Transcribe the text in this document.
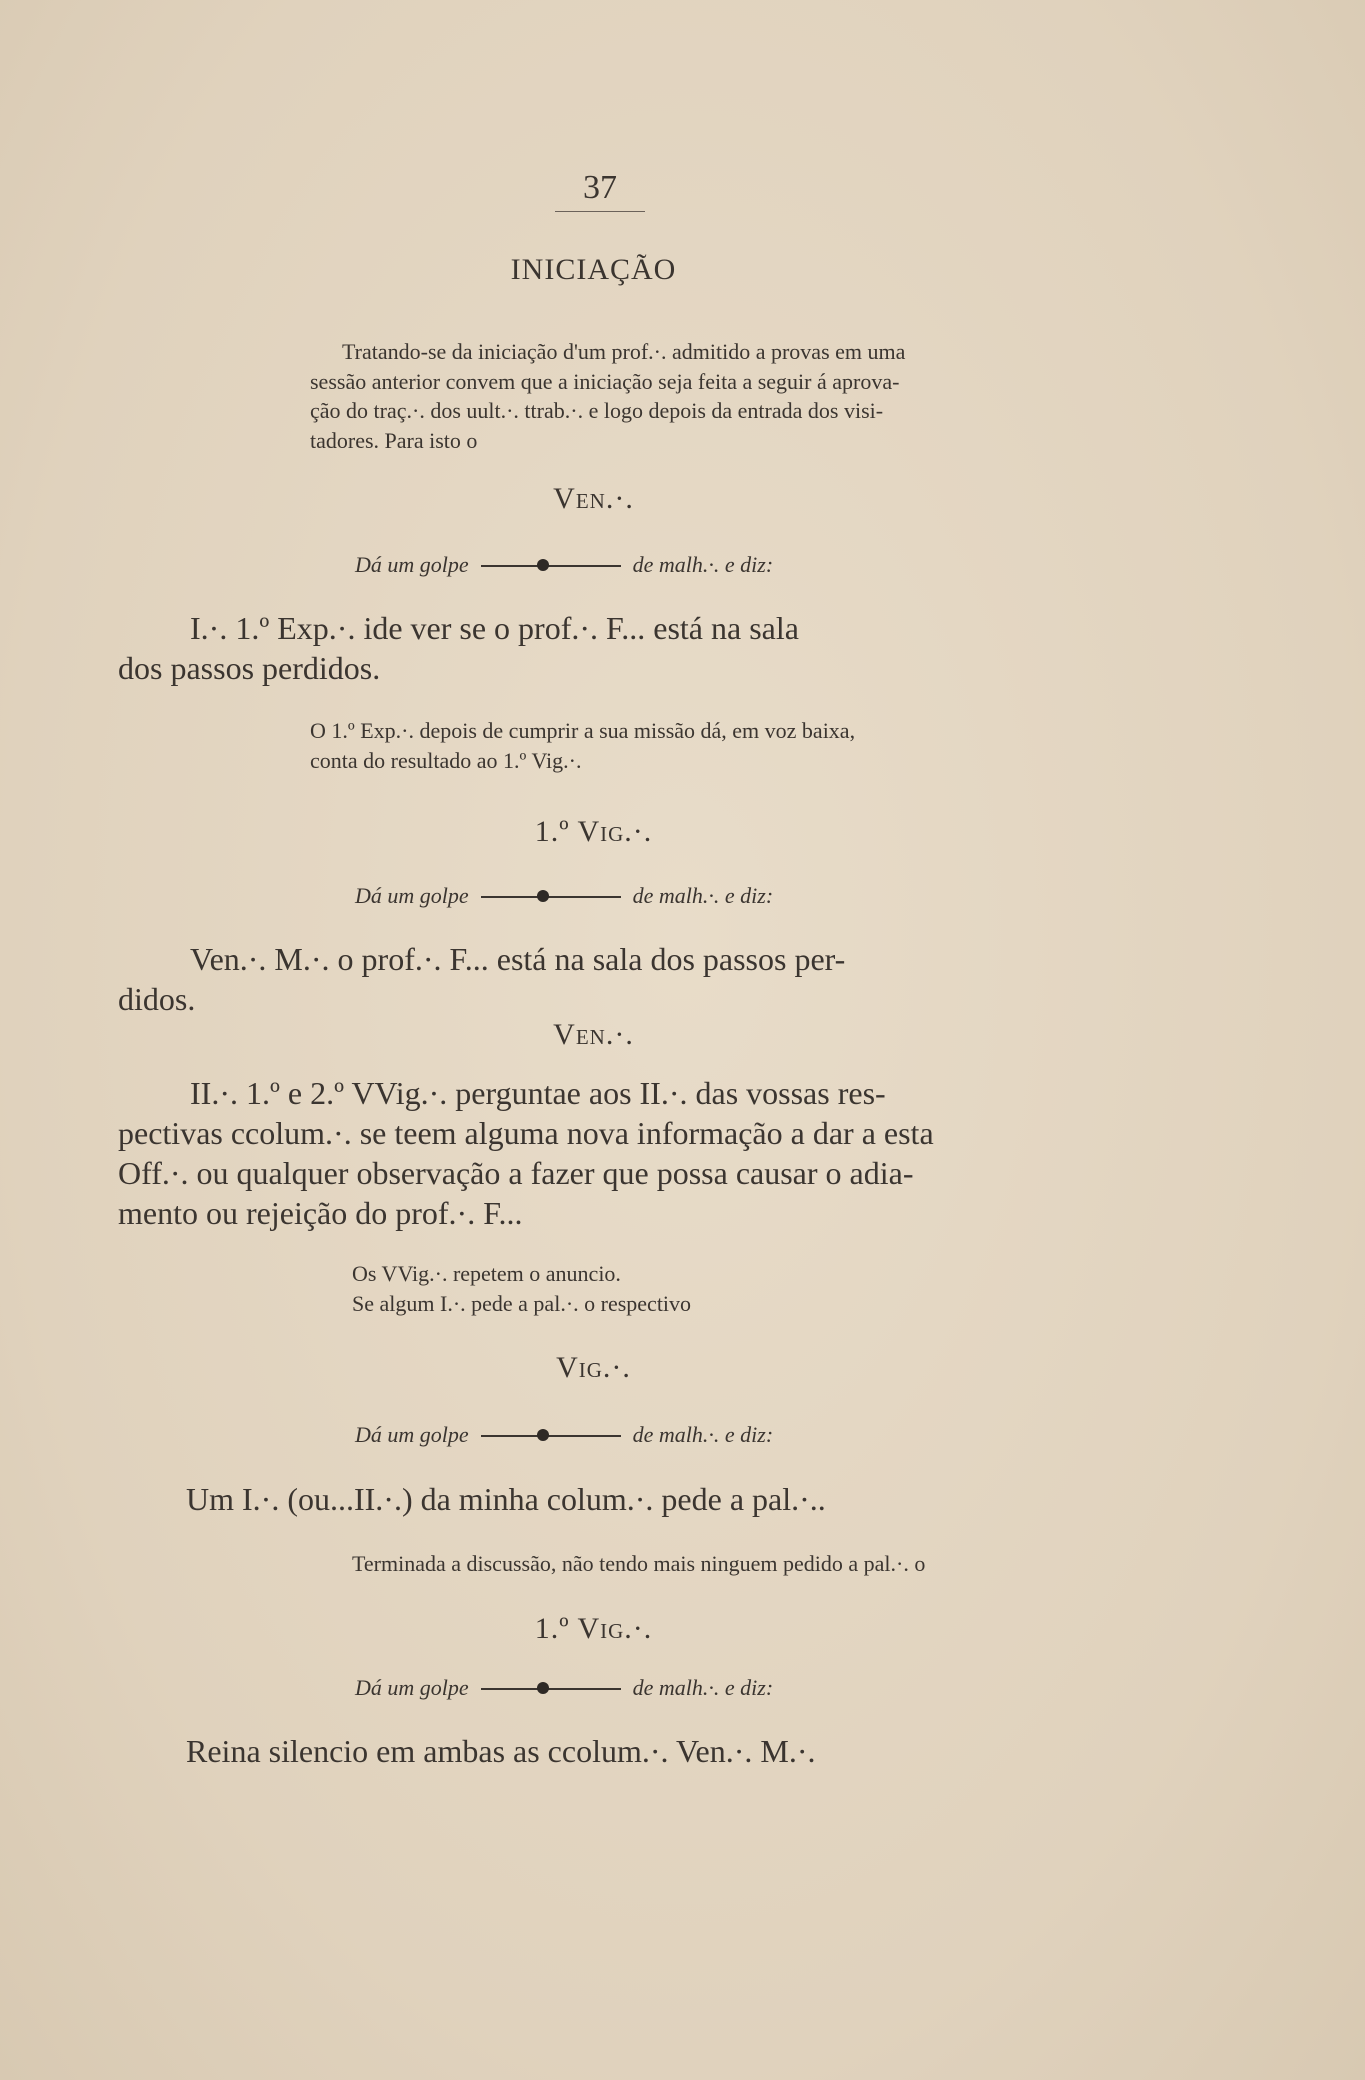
37
INICIAÇÃO
Tratando-se da iniciação d'um prof.·. admitido a provas em uma
sessão anterior convem que a iniciação seja feita a seguir á aprova-
ção do traç.·. dos uult.·. ttrab.·. e logo depois da entrada dos visi-
tadores. Para isto o
Ven.·.
Dá um golpe	de malh.·. e diz:
I.·. 1.º Exp.·. ide ver se o prof.·. F... está na sala
dos passos perdidos.
O 1.º Exp.·. depois de cumprir a sua missão dá, em voz baixa,
conta do resultado ao 1.º Vig.·.
1.º Vig.·.
Dá um golpe	de malh.·. e diz:
Ven.·. M.·. o prof.·. F... está na sala dos passos per-
didos.
Ven.·.
II.·. 1.º e 2.º VVig.·. perguntae aos II.·. das vossas res-
pectivas ccolum.·. se teem alguma nova informação a dar a esta
Off.·. ou qualquer observação a fazer que possa causar o adia-
mento ou rejeição do prof.·. F...
Os VVig.·. repetem o anuncio.
Se algum I.·. pede a pal.·. o respectivo
Vig.·.
Dá um golpe	de malh.·. e diz:
Um I.·. (ou...II.·.) da minha colum.·. pede a pal.·..
Terminada a discussão, não tendo mais ninguem pedido a pal.·. o
1.º Vig.·.
Dá um golpe	de malh.·. e diz:
Reina silencio em ambas as ccolum.·. Ven.·. M.·.
